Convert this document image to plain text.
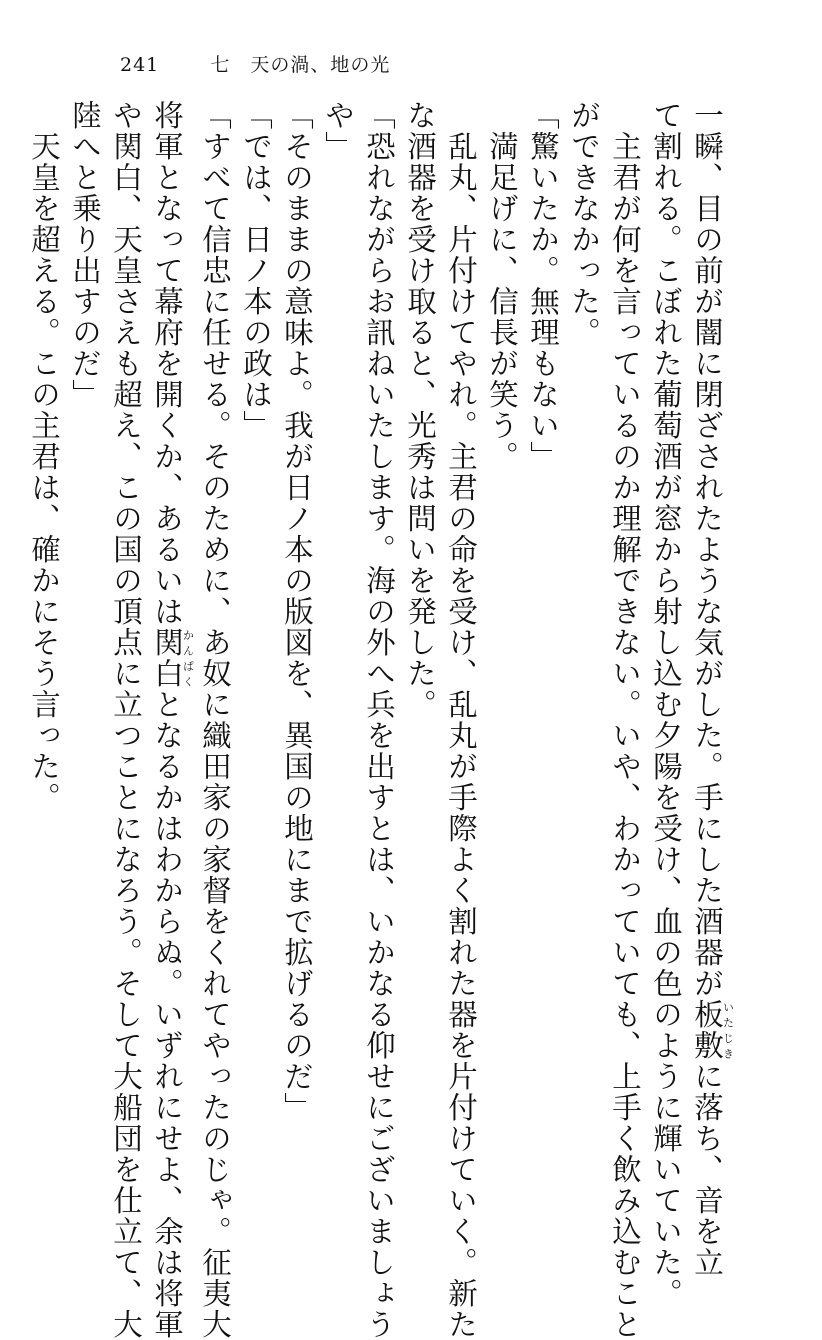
241	七　天の渦、地の光
一瞬、目の前が闇に閉ざされたような気がした。手にした酒器が板敷いたじきに落ち、音を立
て割れる。こぼれた葡萄酒が窓から射し込む夕陽を受け、血の色のように輝いていた。
　主君が何を言っているのか理解できない。いや、わかっていても、上手く飲み込むこと
ができなかった。
「驚いたか。無理もない」
　満足げに、信長が笑う。
　乱丸、片付けてやれ。主君の命を受け、乱丸が手際よく割れた器を片付けていく。新た
な酒器を受け取ると、光秀は問いを発した。
「恐れながらお訊ねいたします。海の外へ兵を出すとは、いかなる仰せにございましょう
や」
「そのままの意味よ。我が日ノ本の版図を、異国の地にまで拡げるのだ」
「では、日ノ本の政は」
「すべて信忠に任せる。そのために、あ奴に織田家の家督をくれてやったのじゃ。征夷大
将軍となって幕府を開くか、あるいは関白かんぱくとなるかはわからぬ。いずれにせよ、余は将軍
や関白、天皇さえも超え、この国の頂点に立つことになろう。そして大船団を仕立て、大
陸へと乗り出すのだ」
　天皇を超える。この主君は、確かにそう言った。
